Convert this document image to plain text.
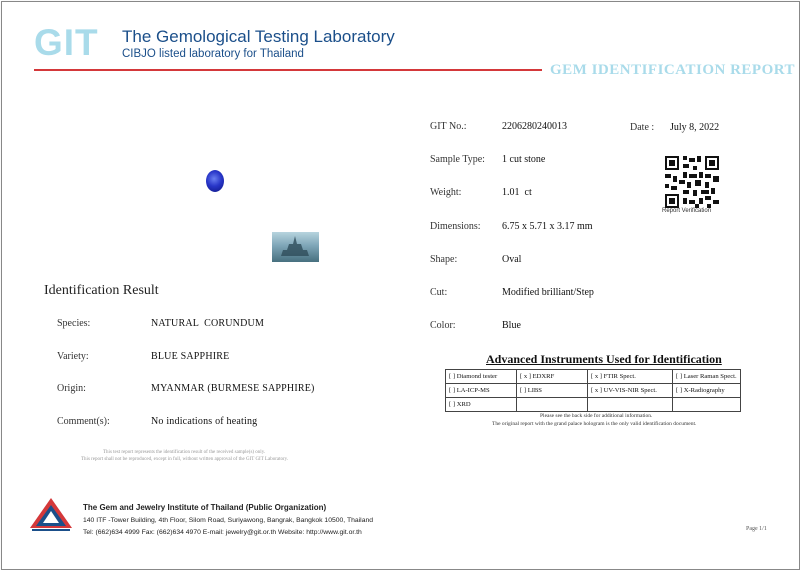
GIT The Gemological Testing Laboratory
CIBJO listed laboratory for Thailand
GEM IDENTIFICATION REPORT
GIT No.:	2206280240013	Date : July 8, 2022
Sample Type: 1 cut stone
Weight:	1.01  ct
Dimensions: 6.75 x 5.71 x 3.17 mm
Shape:	Oval
Cut:	Modified brilliant/Step
Color:	Blue
Report Verification
Identification Result
Species:	NATURAL  CORUNDUM
Variety:	BLUE SAPPHIRE
Origin:	MYANMAR (BURMESE SAPPHIRE)
Comment(s):	No indications of heating
This test report represents the identification result of the received sample(s) only.
This report shall not be reproduced, except in full, without written approval of the GIT GIT Laboratory.
Advanced Instruments Used for Identification
[ ] Diamond tester	[ x ] EDXRF	[ x ] FTIR Spect.	[ ] Laser Raman Spect.
[ ] LA-ICP-MS	[ ] LIBS	[ x ] UV-VIS-NIR Spect.	[ ] X-Radiography
[ ] XRD			
Please see the back side for additional information.
The original report with the grand palace hologram is the only valid identification document.
The Gem and Jewelry Institute of Thailand (Public Organization)
140 ITF -Tower Building, 4th Floor, Silom Road, Suriyawong, Bangrak, Bangkok 10500, Thailand
Tel: (662)634 4999 Fax: (662)634 4970 E-mail: jewelry@git.or.th Website: http://www.git.or.th	Page 1/1
